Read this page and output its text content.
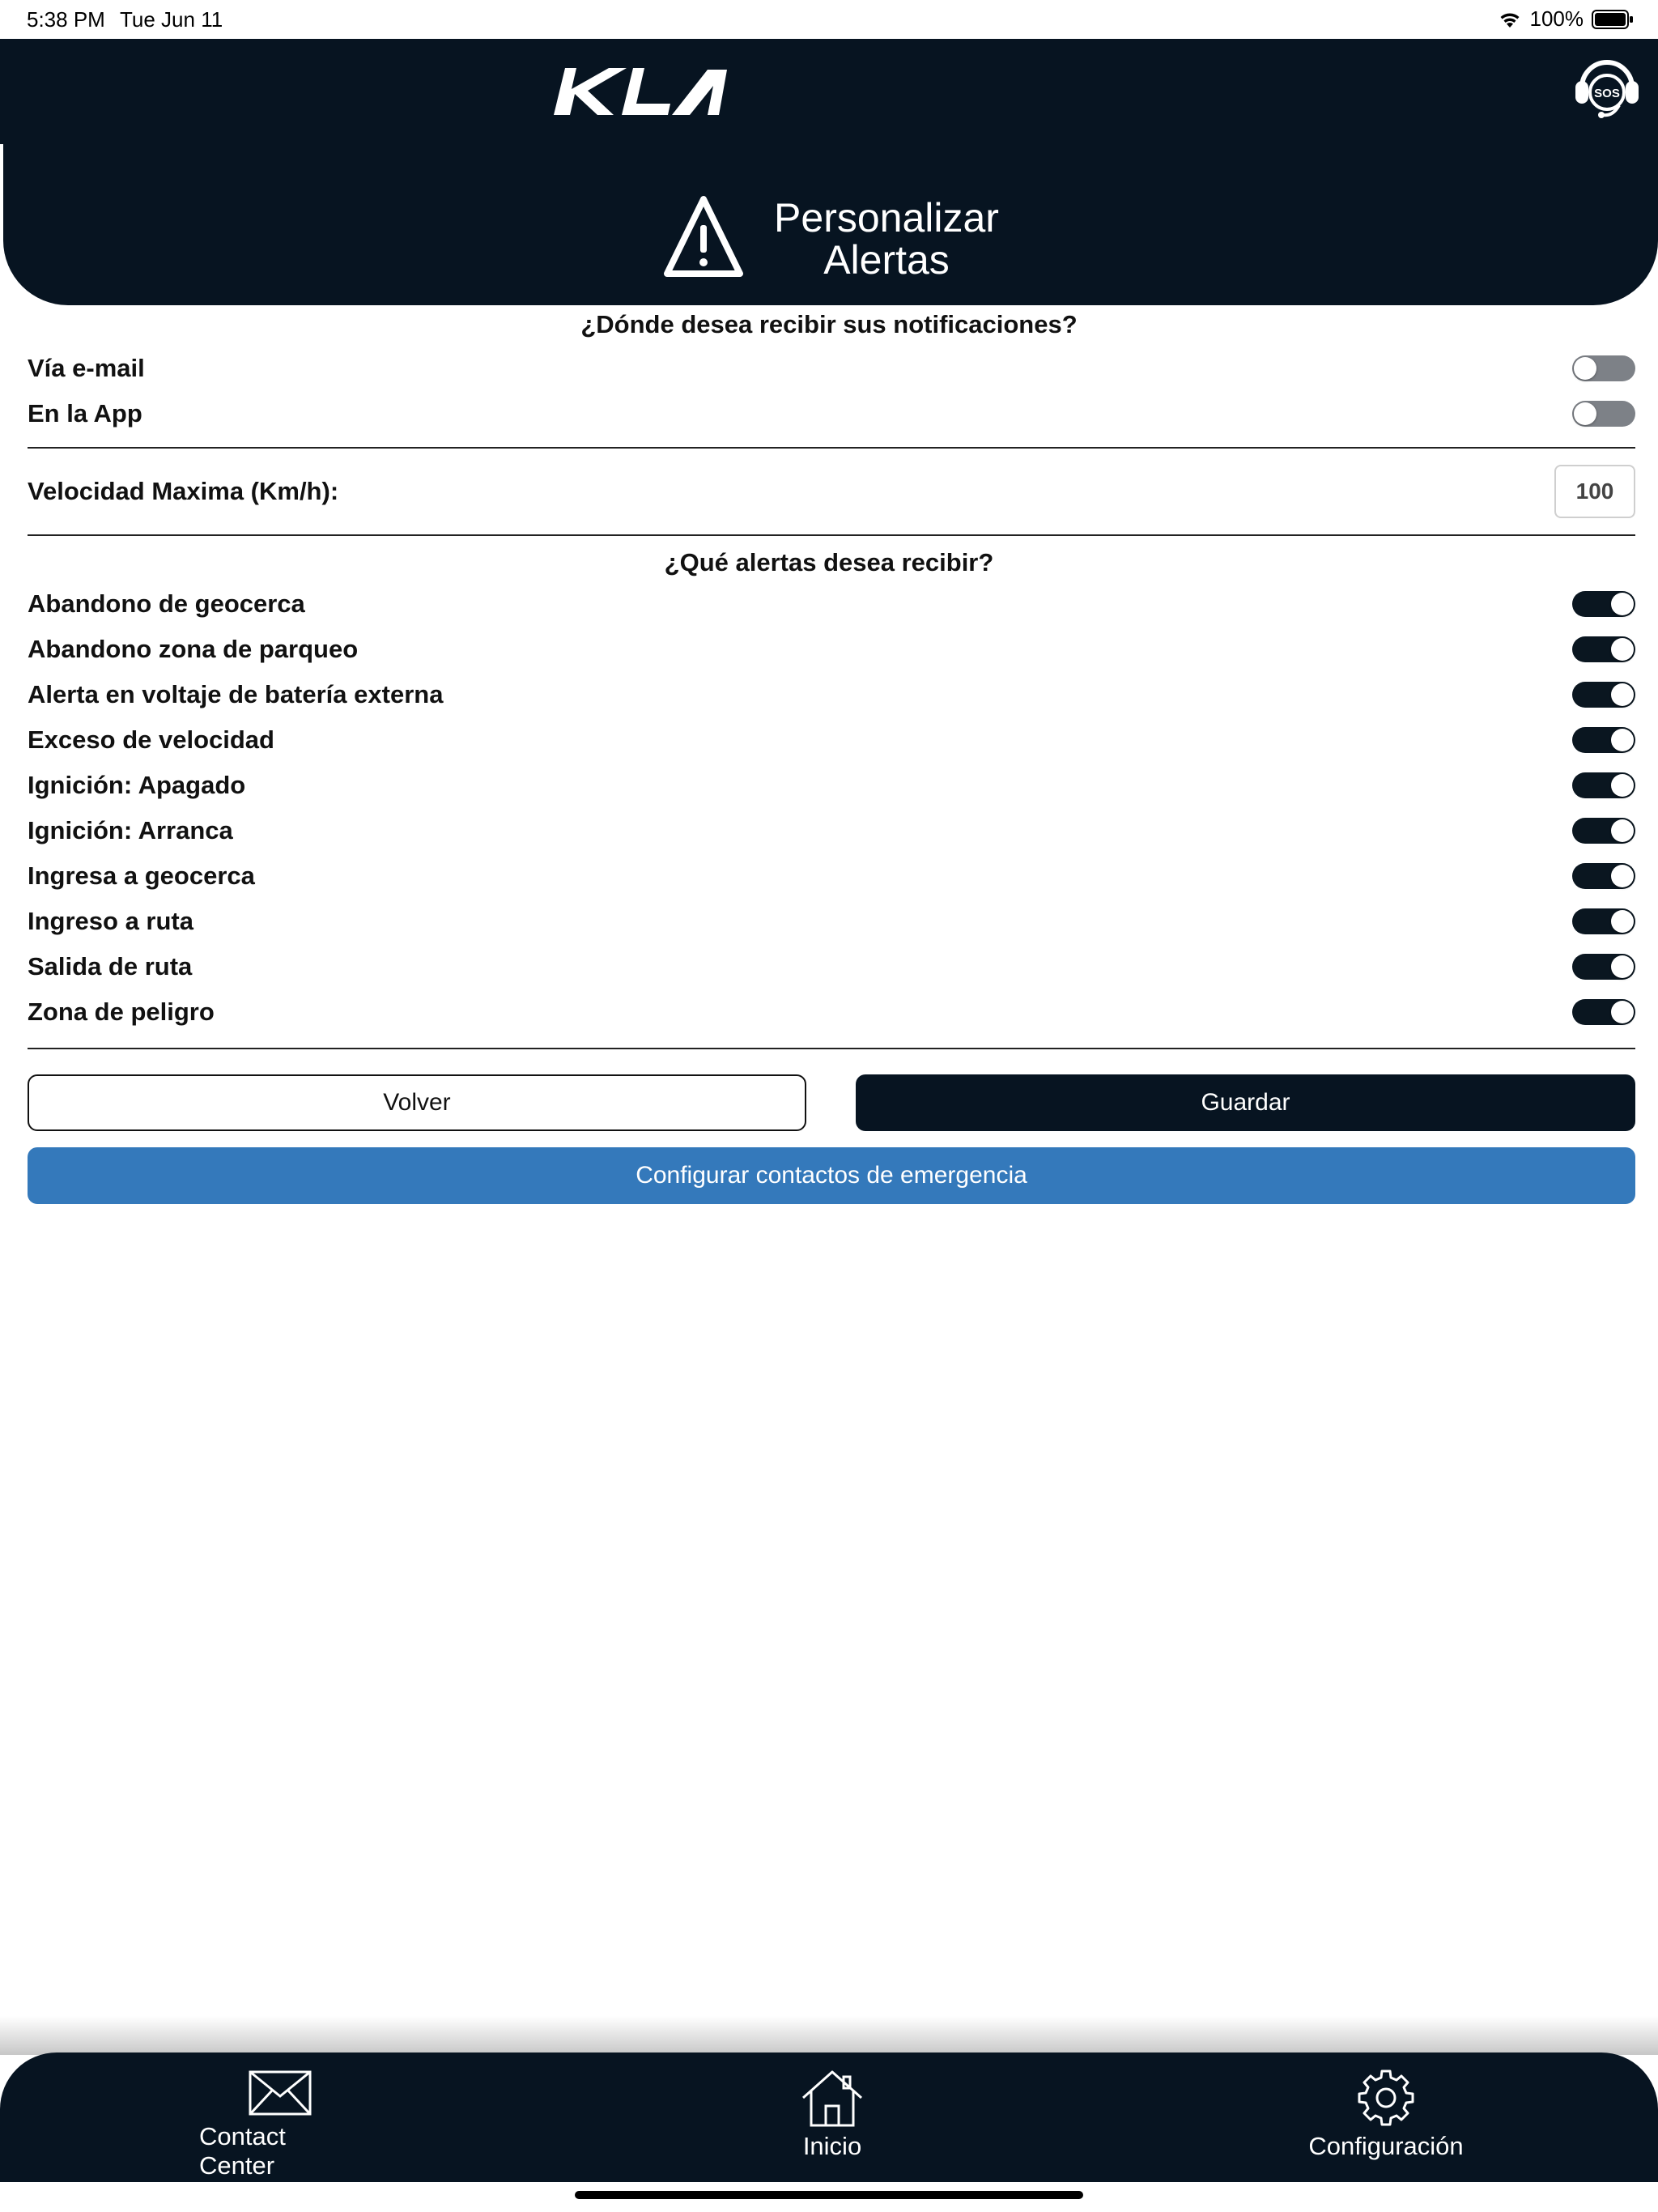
5:38 PM Tue Jun 11	100%
SOS
Personalizar
Alertas
¿Dónde desea recibir sus notificaciones?
Vía e-mail
En la App
Velocidad Maxima (Km/h):
100
¿Qué alertas desea recibir?
Abandono de geocerca
Abandono zona de parqueo
Alerta en voltaje de batería externa
Exceso de velocidad
Ignición: Apagado
Ignición: Arranca
Ingresa a geocerca
Ingreso a ruta
Salida de ruta
Zona de peligro
Volver	Guardar
Configurar contactos de emergencia
Contact Center
Inicio	Configuración
